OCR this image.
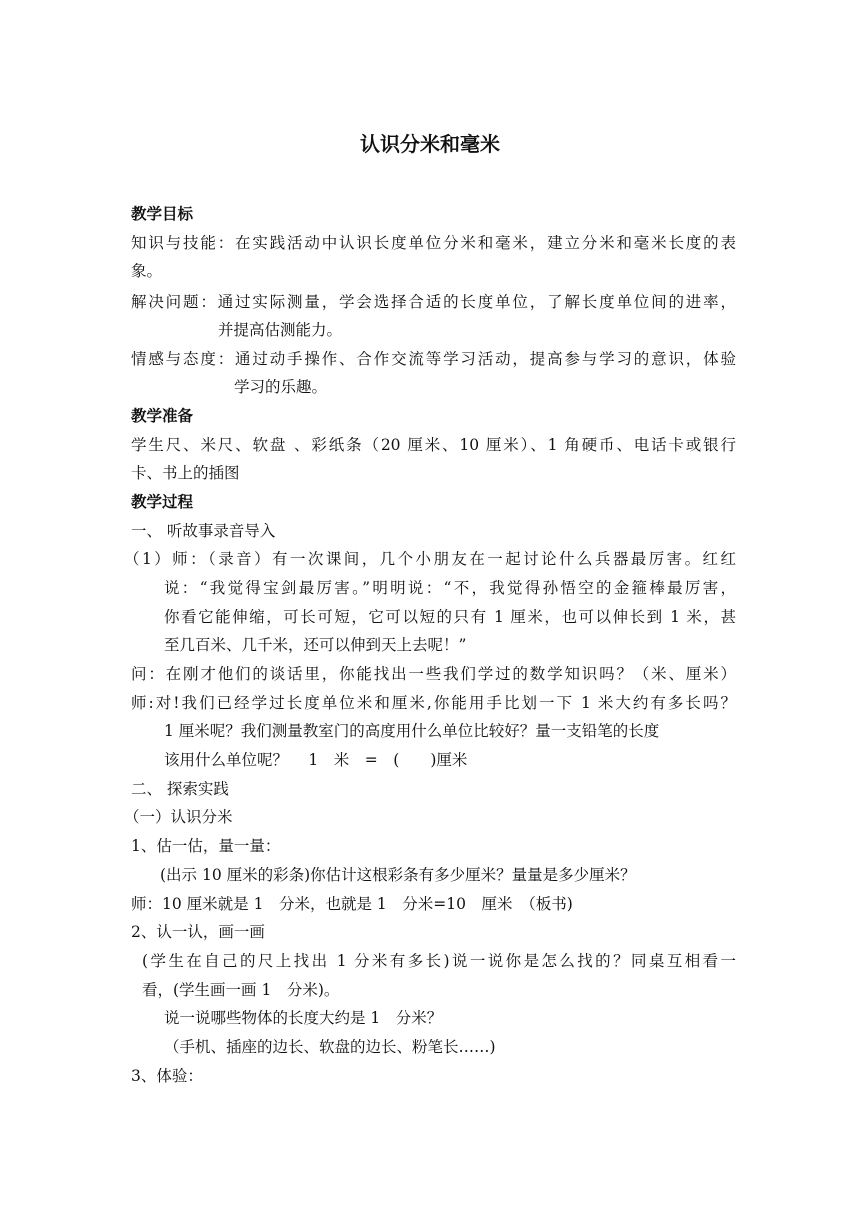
认识分米和毫米
教学目标
知识与技能：在实践活动中认识长度单位分米和毫米，建立分米和毫米长度的表
象。
解决问题：通过实际测量，学会选择合适的长度单位，了解长度单位间的进率，
并提高估测能力。
情感与态度：通过动手操作、合作交流等学习活动，提高参与学习的意识，体验
学习的乐趣。
教学准备
学生尺、米尺、软盘 、彩纸条（20 厘米、10 厘米）、1 角硬币、电话卡或银行
卡、书上的插图
教学过程
一、 听故事录音导入
（1）师：（录音）有一次课间，几个小朋友在一起讨论什么兵器最厉害。红红
说：“我觉得宝剑最厉害。”明明说：“不，我觉得孙悟空的金箍棒最厉害，
你看它能伸缩，可长可短，它可以短的只有 1 厘米，也可以伸长到 1 米，甚
至几百米、几千米，还可以伸到天上去呢！”
问：在刚才他们的谈话里，你能找出一些我们学过的数学知识吗？（米、厘米）
师:对!我们已经学过长度单位米和厘米,你能用手比划一下 1 米大约有多长吗？
1 厘米呢？我们测量教室门的高度用什么单位比较好？量一支铅笔的长度
该用什么单位呢？　 1　米　=　(　　)厘米
二、 探索实践
（一）认识分米
1、估一估，量一量：
(出示 10 厘米的彩条)你估计这根彩条有多少厘米？量量是多少厘米？
师：10 厘米就是 1　分米，也就是 1　分米=10　厘米　（板书)
2、认一认，画一画
(学生在自己的尺上找出 1 分米有多长)说一说你是怎么找的？同桌互相看一
看，(学生画一画 1　分米)。
说一说哪些物体的长度大约是 1　分米？
（手机、插座的边长、软盘的边长、粉笔长……)
3、体验：
